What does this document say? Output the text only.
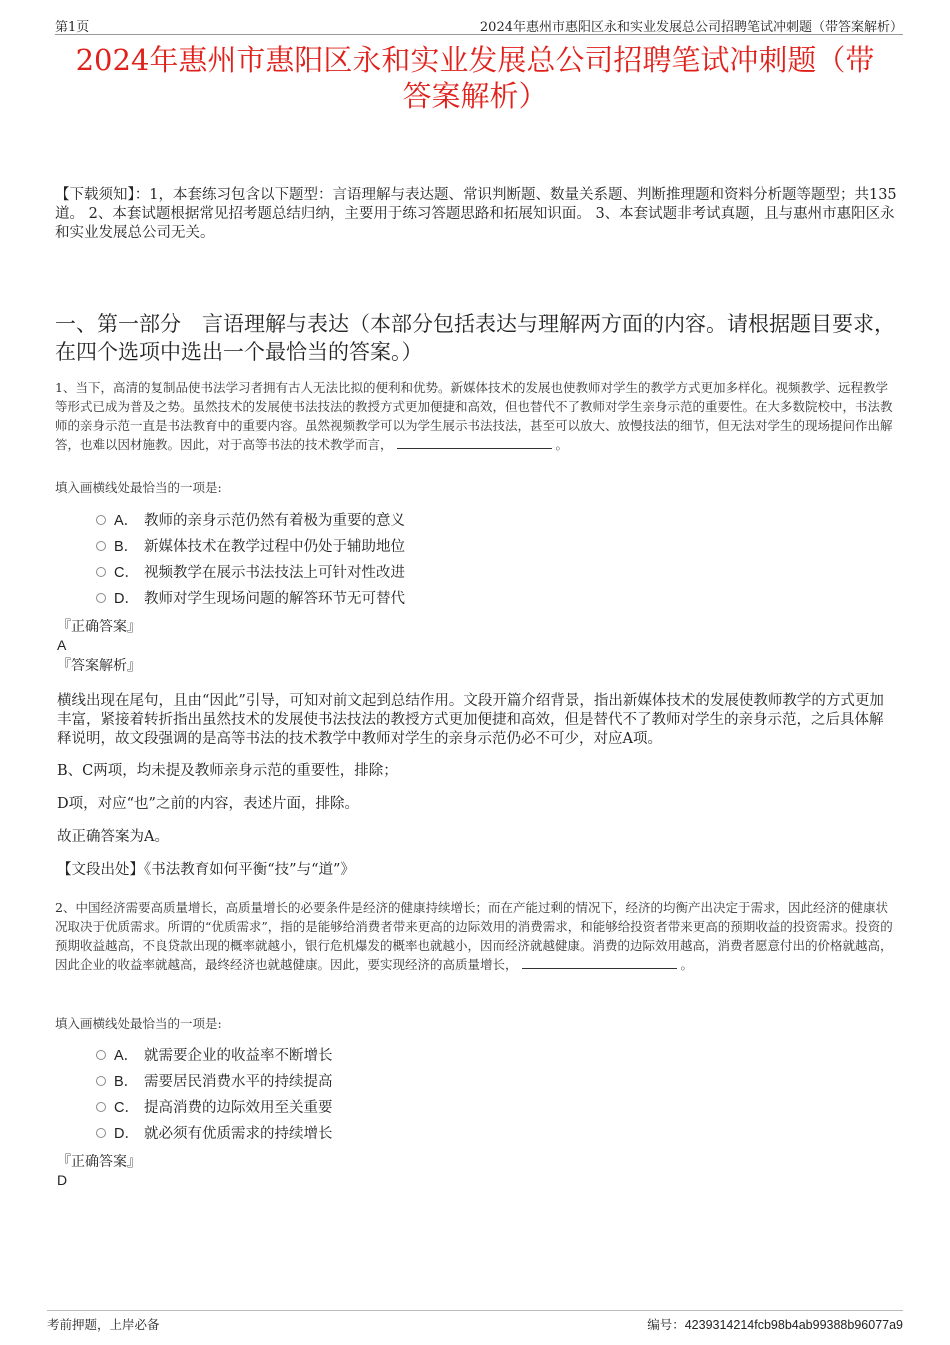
第1页	2024年惠州市惠阳区永和实业发展总公司招聘笔试冲刺题（带答案解析）
2024年惠州市惠阳区永和实业发展总公司招聘笔试冲刺题（带
答案解析）
【下载须知】：1，本套练习包含以下题型：言语理解与表达题、常识判断题、数量关系题、判断推理题和资料分析题等题型；共135道。 2、本套试题根据常见招考题总结归纳，主要用于练习答题思路和拓展知识面。 3、本套试题非考试真题，且与惠州市惠阳区永和实业发展总公司无关。
一、第一部分　言语理解与表达（本部分包括表达与理解两方面的内容。请根据题目要求，在四个选项中选出一个最恰当的答案。）
1、当下，高清的复制品使书法学习者拥有古人无法比拟的便利和优势。新媒体技术的发展也使教师对学生的教学方式更加多样化。视频教学、远程教学等形式已成为普及之势。虽然技术的发展使书法技法的教授方式更加便捷和高效，但也替代不了教师对学生亲身示范的重要性。在大多数院校中，书法教师的亲身示范一直是书法教育中的重要内容。虽然视频教学可以为学生展示书法技法，甚至可以放大、放慢技法的细节，但无法对学生的现场提问作出解答，也难以因材施教。因此，对于高等书法的技术教学而言，	。
填入画横线处最恰当的一项是:
A． 教师的亲身示范仍然有着极为重要的意义
B． 新媒体技术在教学过程中仍处于辅助地位
C． 视频教学在展示书法技法上可针对性改进
D． 教师对学生现场问题的解答环节无可替代
『正确答案』
A
『答案解析』
横线出现在尾句，且由“因此”引导，可知对前文起到总结作用。文段开篇介绍背景，指出新媒体技术的发展使教师教学的方式更加丰富，紧接着转折指出虽然技术的发展使书法技法的教授方式更加便捷和高效，但是替代不了教师对学生的亲身示范，之后具体解释说明，故文段强调的是高等书法的技术教学中教师对学生的亲身示范仍必不可少，对应A项。
B、C两项，均未提及教师亲身示范的重要性，排除；
D项，对应“也”之前的内容，表述片面，排除。
故正确答案为A。
【文段出处】《书法教育如何平衡“技”与“道”》
2、中国经济需要高质量增长，高质量增长的必要条件是经济的健康持续增长；而在产能过剩的情况下，经济的均衡产出决定于需求，因此经济的健康状况取决于优质需求。所谓的“优质需求”，指的是能够给消费者带来更高的边际效用的消费需求，和能够给投资者带来更高的预期收益的投资需求。投资的预期收益越高，不良贷款出现的概率就越小，银行危机爆发的概率也就越小，因而经济就越健康。消费的边际效用越高，消费者愿意付出的价格就越高，因此企业的收益率就越高，最终经济也就越健康。因此，要实现经济的高质量增长，	。
填入画横线处最恰当的一项是:
A． 就需要企业的收益率不断增长
B． 需要居民消费水平的持续提高
C． 提高消费的边际效用至关重要
D． 就必须有优质需求的持续增长
『正确答案』
D
考前押题，上岸必备	编号：4239314214fcb98b4ab99388b96077a9
